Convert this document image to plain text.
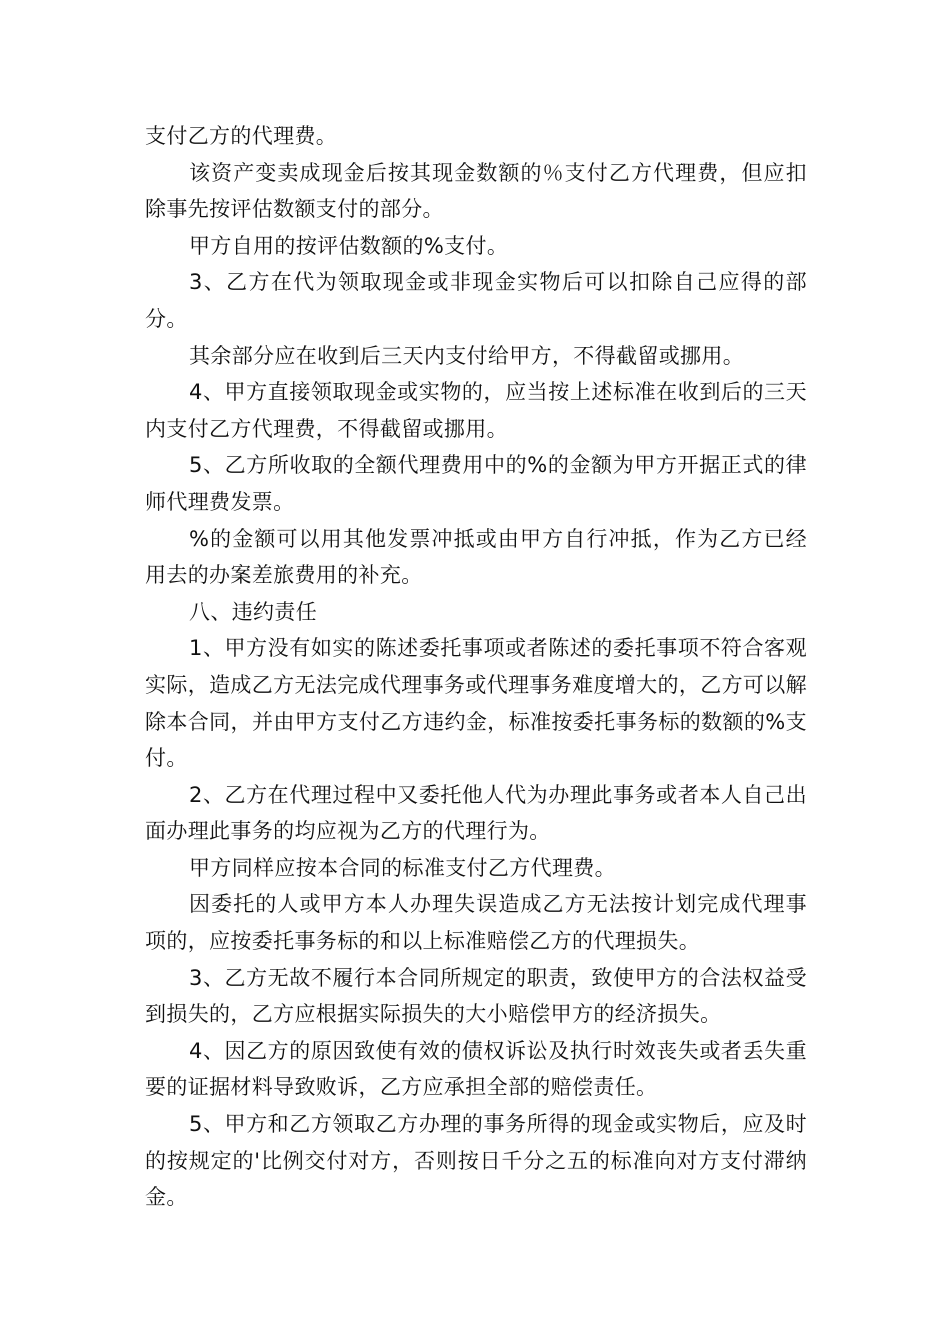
支付乙方的代理费。

该资产变卖成现金后按其现金数额的％支付乙方代理费，但应扣除事先按评估数额支付的部分。

甲方自用的按评估数额的%支付。

3、乙方在代为领取现金或非现金实物后可以扣除自己应得的部分。

其余部分应在收到后三天内支付给甲方，不得截留或挪用。

4、甲方直接领取现金或实物的，应当按上述标准在收到后的三天内支付乙方代理费，不得截留或挪用。

5、乙方所收取的全额代理费用中的%的金额为甲方开据正式的律师代理费发票。

%的金额可以用其他发票冲抵或由甲方自行冲抵，作为乙方已经用去的办案差旅费用的补充。

八、违约责任

1、甲方没有如实的陈述委托事项或者陈述的委托事项不符合客观实际，造成乙方无法完成代理事务或代理事务难度增大的，乙方可以解除本合同，并由甲方支付乙方违约金，标准按委托事务标的数额的%支付。

2、乙方在代理过程中又委托他人代为办理此事务或者本人自己出面办理此事务的均应视为乙方的代理行为。

甲方同样应按本合同的标准支付乙方代理费。

因委托的人或甲方本人办理失误造成乙方无法按计划完成代理事项的，应按委托事务标的和以上标准赔偿乙方的代理损失。

3、乙方无故不履行本合同所规定的职责，致使甲方的合法权益受到损失的，乙方应根据实际损失的大小赔偿甲方的经济损失。

4、因乙方的原因致使有效的债权诉讼及执行时效丧失或者丢失重要的证据材料导致败诉，乙方应承担全部的赔偿责任。

5、甲方和乙方领取乙方办理的事务所得的现金或实物后，应及时的按规定的'比例交付对方，否则按日千分之五的标准向对方支付滞纳金。
